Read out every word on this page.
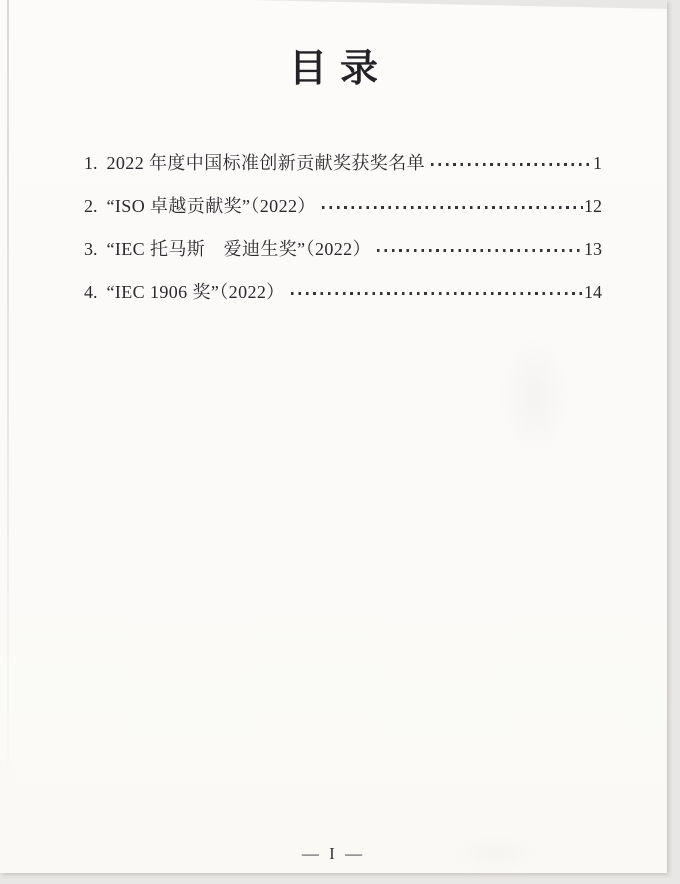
目录
1. 2022 年度中国标准创新贡献奖获奖名单	1
2. “ISO 卓越贡献奖”（2022）	12
3. “IEC 托马斯　爱迪生奖”（2022）	13
4. “IEC 1906 奖”（2022）	14
— I —
